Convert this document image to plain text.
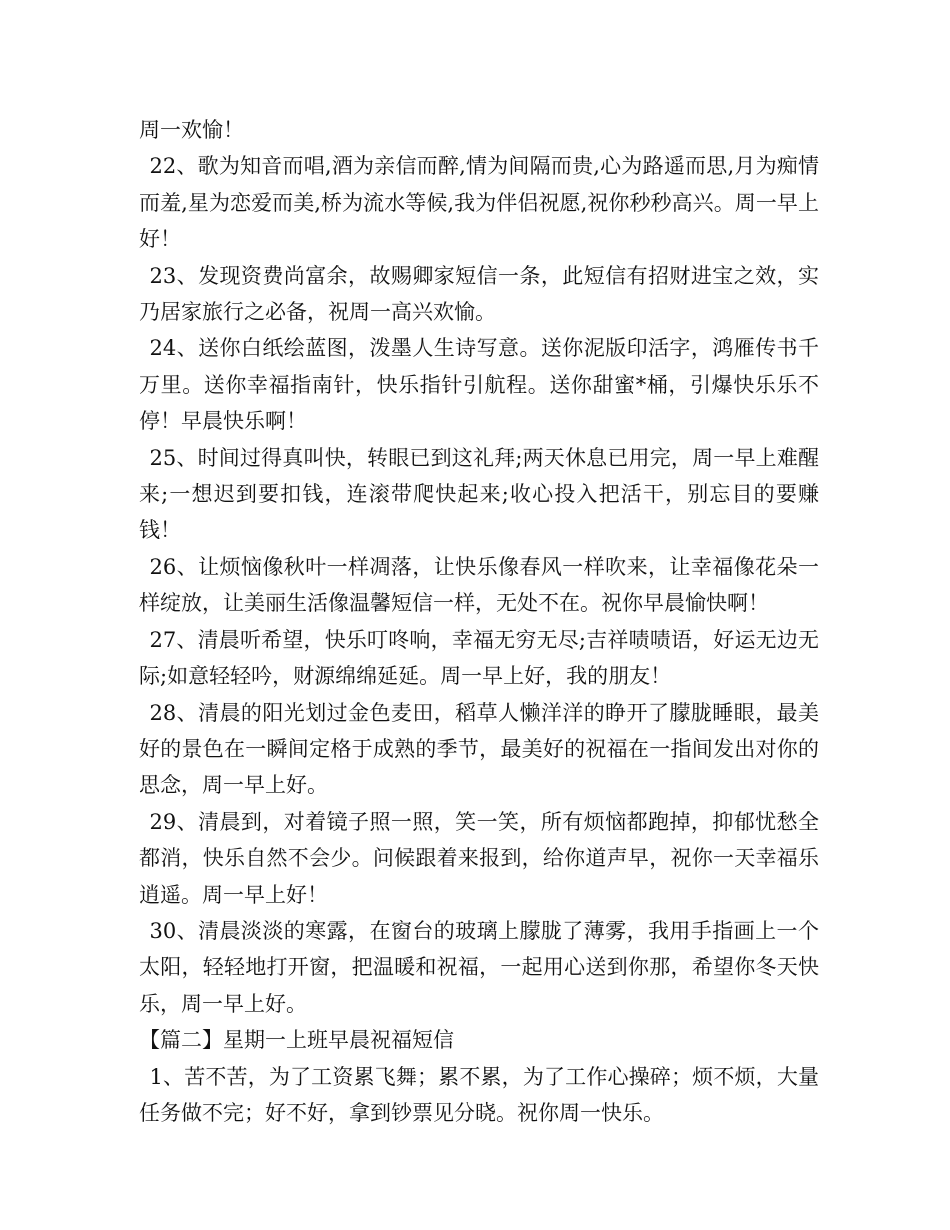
周一欢愉！

22、歌为知音而唱,酒为亲信而醉,情为间隔而贵,心为路遥而思,月为痴情而羞,星为恋爱而美,桥为流水等候,我为伴侣祝愿,祝你秒秒高兴。周一早上好！

23、发现资费尚富余，故赐卿家短信一条，此短信有招财进宝之效，实乃居家旅行之必备，祝周一高兴欢愉。

24、送你白纸绘蓝图，泼墨人生诗写意。送你泥版印活字，鸿雁传书千万里。送你幸福指南针，快乐指针引航程。送你甜蜜*桶，引爆快乐乐不停！早晨快乐啊！

25、时间过得真叫快，转眼已到这礼拜;两天休息已用完，周一早上难醒来;一想迟到要扣钱，连滚带爬快起来;收心投入把活干，别忘目的要赚钱！

26、让烦恼像秋叶一样凋落，让快乐像春风一样吹来，让幸福像花朵一样绽放，让美丽生活像温馨短信一样，无处不在。祝你早晨愉快啊！

27、清晨听希望，快乐叮咚响，幸福无穷无尽;吉祥啧啧语，好运无边无际;如意轻轻吟，财源绵绵延延。周一早上好，我的朋友！

28、清晨的阳光划过金色麦田，稻草人懒洋洋的睁开了朦胧睡眼，最美好的景色在一瞬间定格于成熟的季节，最美好的祝福在一指间发出对你的思念，周一早上好。

29、清晨到，对着镜子照一照，笑一笑，所有烦恼都跑掉，抑郁忧愁全都消，快乐自然不会少。问候跟着来报到，给你道声早，祝你一天幸福乐逍遥。周一早上好！

30、清晨淡淡的寒露，在窗台的玻璃上朦胧了薄雾，我用手指画上一个太阳，轻轻地打开窗，把温暖和祝福，一起用心送到你那，希望你冬天快乐，周一早上好。

【篇二】星期一上班早晨祝福短信

1、苦不苦，为了工资累飞舞；累不累，为了工作心操碎；烦不烦，大量任务做不完；好不好，拿到钞票见分晓。祝你周一快乐。
